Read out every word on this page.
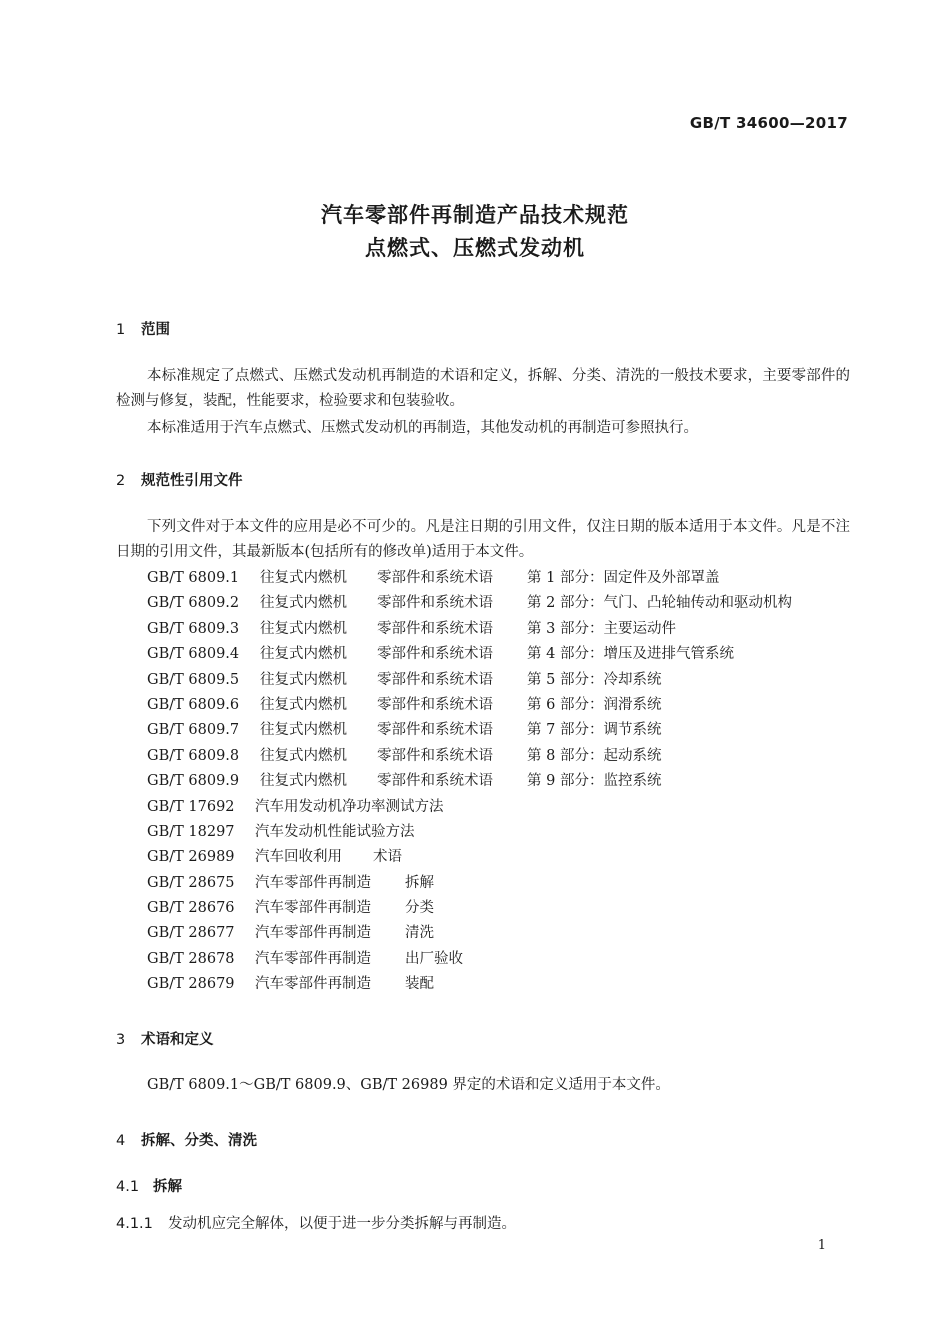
GB/T 34600—2017
汽车零部件再制造产品技术规范
点燃式、压燃式发动机
1 范围
本标准规定了点燃式、压燃式发动机再制造的术语和定义，拆解、分类、清洗的一般技术要求，主要零部件的检测与修复，装配，性能要求，检验要求和包装验收。
本标准适用于汽车点燃式、压燃式发动机的再制造，其他发动机的再制造可参照执行。
2 规范性引用文件
下列文件对于本文件的应用是必不可少的。凡是注日期的引用文件，仅注日期的版本适用于本文件。凡是不注日期的引用文件，其最新版本(包括所有的修改单)适用于本文件。
GB/T 6809.1 往复式内燃机 零部件和系统术语 第 1 部分：固定件及外部罩盖
GB/T 6809.2 往复式内燃机 零部件和系统术语 第 2 部分：气门、凸轮轴传动和驱动机构
GB/T 6809.3 往复式内燃机 零部件和系统术语 第 3 部分：主要运动件
GB/T 6809.4 往复式内燃机 零部件和系统术语 第 4 部分：增压及进排气管系统
GB/T 6809.5 往复式内燃机 零部件和系统术语 第 5 部分：冷却系统
GB/T 6809.6 往复式内燃机 零部件和系统术语 第 6 部分：润滑系统
GB/T 6809.7 往复式内燃机 零部件和系统术语 第 7 部分：调节系统
GB/T 6809.8 往复式内燃机 零部件和系统术语 第 8 部分：起动系统
GB/T 6809.9 往复式内燃机 零部件和系统术语 第 9 部分：监控系统
GB/T 17692 汽车用发动机净功率测试方法
GB/T 18297 汽车发动机性能试验方法
GB/T 26989 汽车回收利用 术语
GB/T 28675 汽车零部件再制造 拆解
GB/T 28676 汽车零部件再制造 分类
GB/T 28677 汽车零部件再制造 清洗
GB/T 28678 汽车零部件再制造 出厂验收
GB/T 28679 汽车零部件再制造 装配
3 术语和定义
GB/T 6809.1～GB/T 6809.9、GB/T 26989 界定的术语和定义适用于本文件。
4 拆解、分类、清洗
4.1 拆解
4.1.1 发动机应完全解体，以便于进一步分类拆解与再制造。
1
